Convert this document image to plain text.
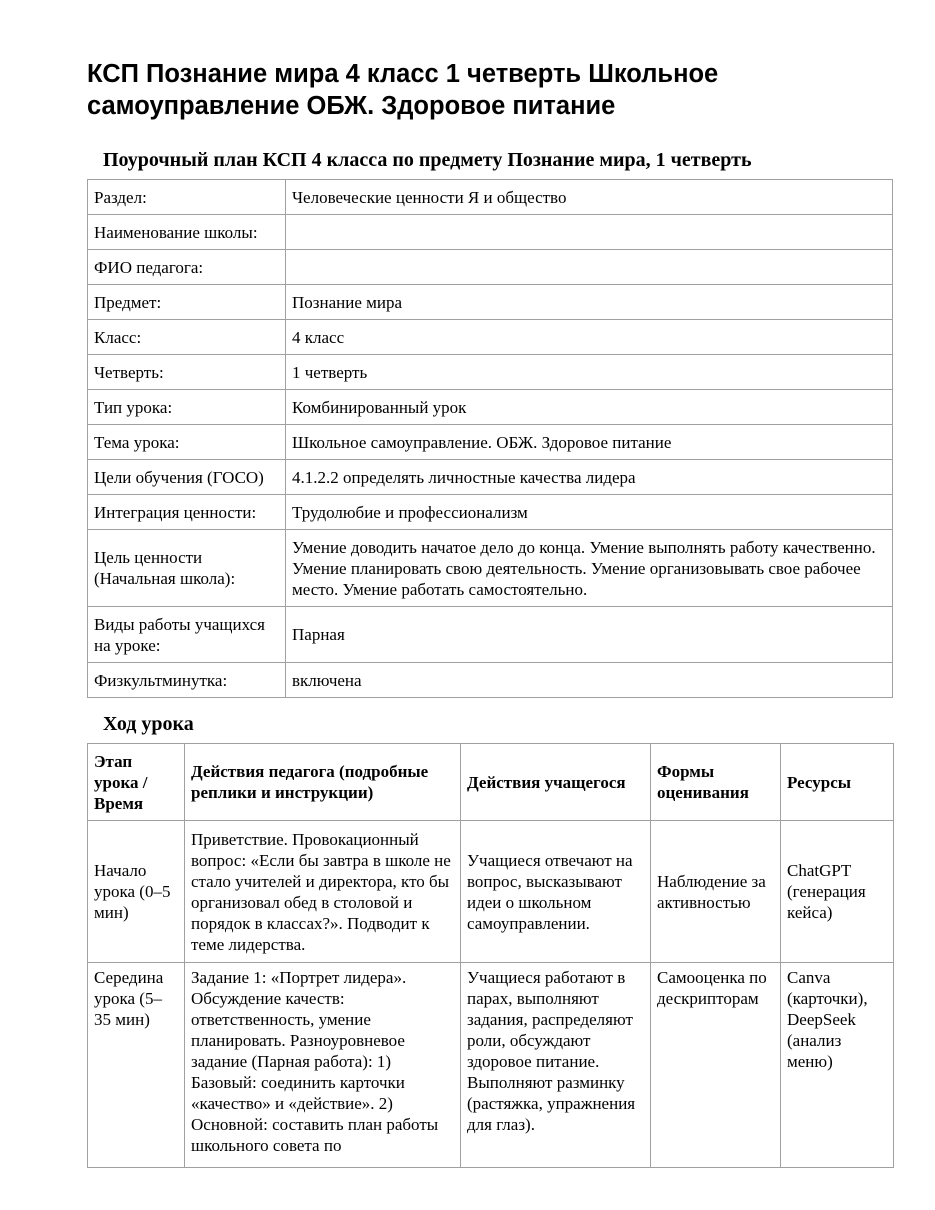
КСП Познание мира 4 класс 1 четверть Школьное самоуправление ОБЖ. Здоровое питание
Поурочный план КСП 4 класса по предмету Познание мира, 1 четверть
Раздел:	Человеческие ценности Я и общество
Наименование школы:	
ФИО педагога:	
Предмет:	Познание мира
Класс:	4 класс
Четверть:	1 четверть
Тип урока:	Комбинированный урок
Тема урока:	Школьное самоуправление. ОБЖ. Здоровое питание
Цели обучения (ГОСО)	4.1.2.2 определять личностные качества лидера
Интеграция ценности:	Трудолюбие и профессионализм
Цель ценности (Начальная школа):	Умение доводить начатое дело до конца. Умение выполнять работу качественно. Умение планировать свою деятельность. Умение организовывать свое рабочее место. Умение работать самостоятельно.
Виды работы учащихся на уроке:	Парная
Физкультминутка:	включена
Ход урока
Этап урока / Время	Действия педагога (подробные реплики и инструкции)	Действия учащегося	Формы оценивания	Ресурсы
Начало урока (0–5 мин)	Приветствие. Провокационный вопрос: «Если бы завтра в школе не стало учителей и директора, кто бы организовал обед в столовой и порядок в классах?». Подводит к теме лидерства.	Учащиеся отвечают на вопрос, высказывают идеи о школьном самоуправлении.	Наблюдение за активностью	ChatGPT (генерация кейса)
Середина урока (5–35 мин)	Задание 1: «Портрет лидера». Обсуждение качеств: ответственность, умение планировать. Разноуровневое задание (Парная работа): 1) Базовый: соединить карточки «качество» и «действие». 2) Основной: составить план работы школьного совета по	Учащиеся работают в парах, выполняют задания, распределяют роли, обсуждают здоровое питание. Выполняют разминку (растяжка, упражнения для глаз).	Самооценка по дескрипторам	Canva (карточки), DeepSeek (анализ меню)
